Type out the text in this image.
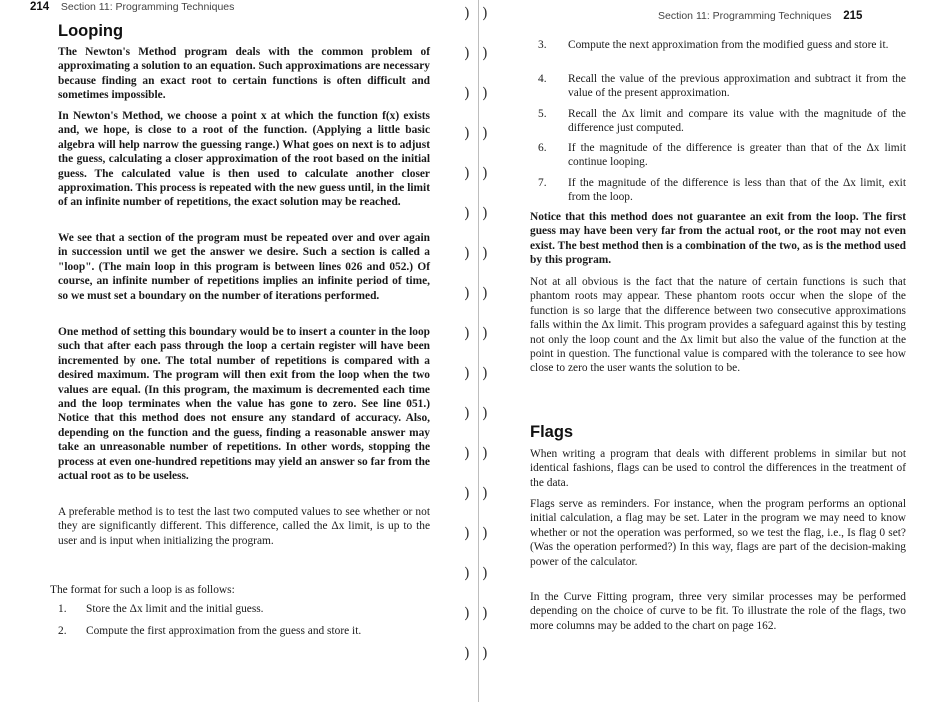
214 Section 11: Programming Techniques
Looping

The Newton's Method program deals with the common problem of approximating a solution to an equation. Such approximations are necessary because finding an exact root to certain functions is often difficult and sometimes impossible.

In Newton's Method, we choose a point x at which the function f(x) exists and, we hope, is close to a root of the function. (Applying a little basic algebra will help narrow the guessing range.) What goes on next is to adjust the guess, calculating a closer approximation of the root based on the initial guess. The calculated value is then used to calculate another closer approximation. This process is repeated with the new guess until, in the limit of an infinite number of repetitions, the exact solution may be reached.

We see that a section of the program must be repeated over and over again in succession until we get the answer we desire. Such a section is called a "loop". (The main loop in this program is between lines 026 and 052.) Of course, an infinite number of repetitions implies an infinite period of time, so we must set a boundary on the number of iterations performed.

One method of setting this boundary would be to insert a counter in the loop such that after each pass through the loop a certain register will have been incremented by one. The total number of repetitions is compared with a desired maximum. The program will then exit from the loop when the two values are equal. (In this program, the maximum is decremented each time and the loop terminates when the value has gone to zero. See line 051.) Notice that this method does not ensure any standard of accuracy. Also, depending on the function and the guess, finding a reasonable answer may take an unreasonable number of repetitions. In other words, stopping the process at even one-hundred repetitions may yield an answer so far from the actual root as to be useless.

A preferable method is to test the last two computed values to see whether or not they are significantly different. This difference, called the Δx limit, is up to the user and is input when initializing the program.

The format for such a loop is as follows:

1. Store the Δx limit and the initial guess.
2. Compute the first approximation from the guess and store it.
) )
) )
) )
) )
) )
) )
) )
) )
) )
) )
) )
) )
) )
) )
) )
) )
) )
Section 11: Programming Techniques 215
3. Compute the next approximation from the modified guess and store it.
4. Recall the value of the previous approximation and subtract it from the value of the present approximation.
5. Recall the Δx limit and compare its value with the magnitude of the difference just computed.
6. If the magnitude of the difference is greater than that of the Δx limit continue looping.
7. If the magnitude of the difference is less than that of the Δx limit, exit from the loop.

Notice that this method does not guarantee an exit from the loop. The first guess may have been very far from the actual root, or the root may not even exist. The best method then is a combination of the two, as is the method used by this program.

Not at all obvious is the fact that the nature of certain functions is such that phantom roots may appear. These phantom roots occur when the slope of the function is so large that the difference between two consecutive approximations falls within the Δx limit. This program provides a safeguard against this by testing not only the loop count and the Δx limit but also the value of the function at the point in question. The functional value is compared with the tolerance to see how close to zero the user wants the solution to be.

Flags

When writing a program that deals with different problems in similar but not identical fashions, flags can be used to control the differences in the treatment of the data.

Flags serve as reminders. For instance, when the program performs an optional initial calculation, a flag may be set. Later in the program we may need to know whether or not the operation was performed, so we test the flag, i.e., Is flag 0 set? (Was the operation performed?) In this way, flags are part of the decision-making power of the calculator.

In the Curve Fitting program, three very similar processes may be performed depending on the choice of curve to be fit. To illustrate the role of the flags, two more columns may be added to the chart on page 162.
